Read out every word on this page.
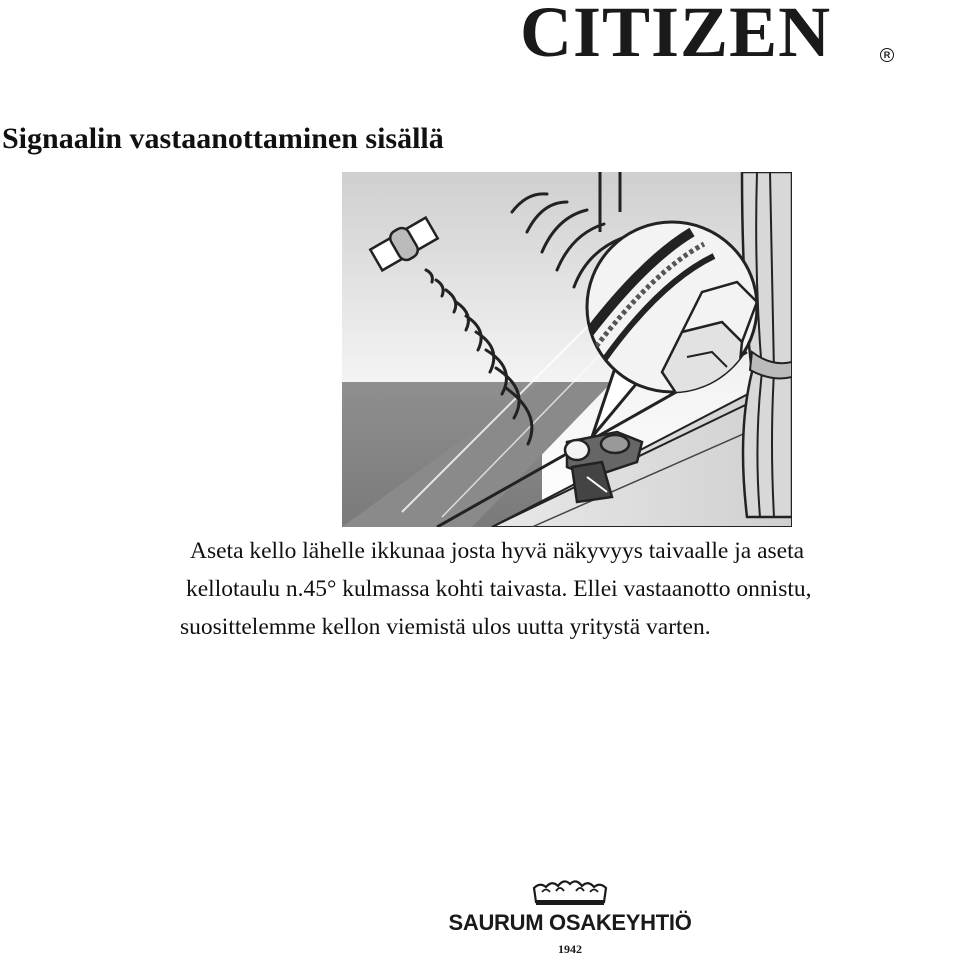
CITIZEN	R
Signaalin vastaanottaminen sisällä

Aseta kello lähelle ikkunaa josta hyvä näkyvyys taivaalle ja aseta
kellotaulu n.45° kulmassa kohti taivasta. Ellei vastaanotto onnistu,
suosittelemme kellon viemistä ulos uutta yritystä varten.

SAURUM OSAKEYHTIÖ
1942
